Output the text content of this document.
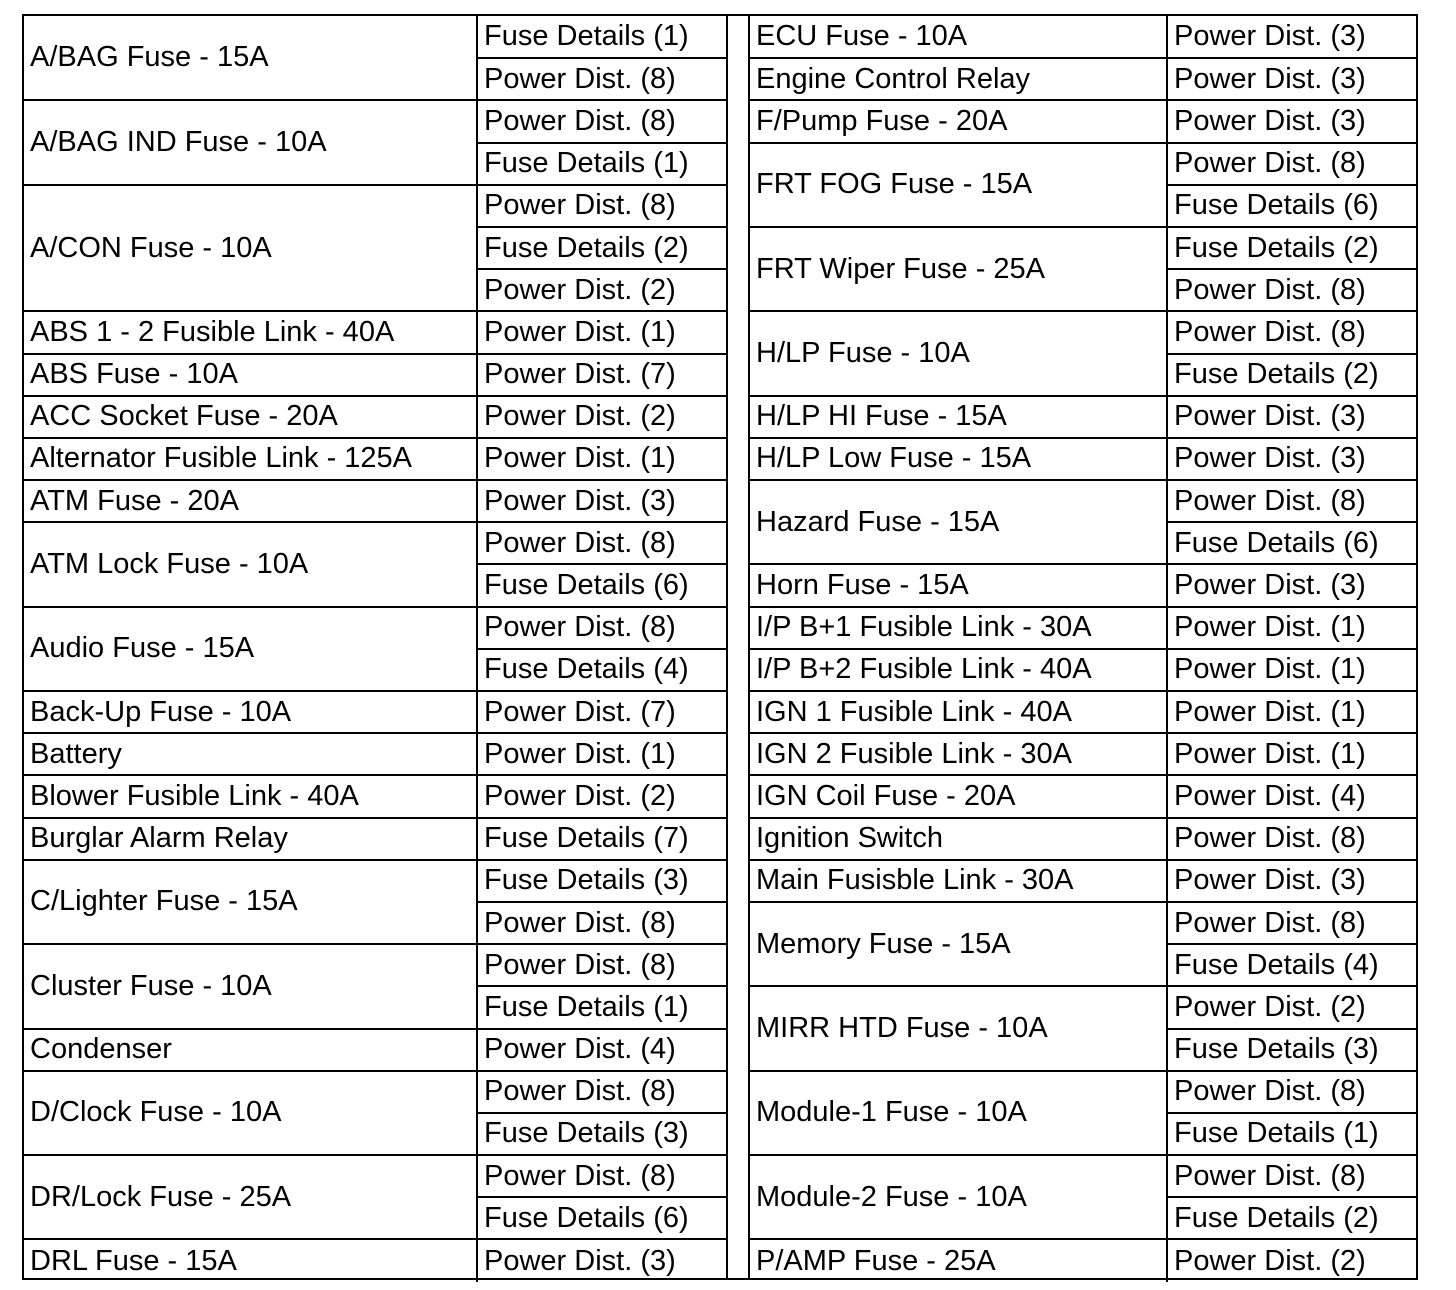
A/BAG Fuse - 15A	Fuse Details (1)
	Power Dist. (8)
A/BAG IND Fuse - 10A	Power Dist. (8)
	Fuse Details (1)
A/CON Fuse - 10A	Power Dist. (8)
	Fuse Details (2)
	Power Dist. (2)
ABS 1 - 2 Fusible Link - 40A	Power Dist. (1)
ABS Fuse - 10A	Power Dist. (7)
ACC Socket Fuse - 20A	Power Dist. (2)
Alternator Fusible Link - 125A	Power Dist. (1)
ATM Fuse - 20A	Power Dist. (3)
ATM Lock Fuse - 10A	Power Dist. (8)
	Fuse Details (6)
Audio Fuse - 15A	Power Dist. (8)
	Fuse Details (4)
Back-Up Fuse - 10A	Power Dist. (7)
Battery	Power Dist. (1)
Blower Fusible Link - 40A	Power Dist. (2)
Burglar Alarm Relay	Fuse Details (7)
C/Lighter Fuse - 15A	Fuse Details (3)
	Power Dist. (8)
Cluster Fuse - 10A	Power Dist. (8)
	Fuse Details (1)
Condenser	Power Dist. (4)
D/Clock Fuse - 10A	Power Dist. (8)
	Fuse Details (3)
DR/Lock Fuse - 25A	Power Dist. (8)
	Fuse Details (6)
DRL Fuse - 15A	Power Dist. (3)
ECU Fuse - 10A	Power Dist. (3)
Engine Control Relay	Power Dist. (3)
F/Pump Fuse - 20A	Power Dist. (3)
FRT FOG Fuse - 15A	Power Dist. (8)
	Fuse Details (6)
FRT Wiper Fuse - 25A	Fuse Details (2)
	Power Dist. (8)
H/LP Fuse - 10A	Power Dist. (8)
	Fuse Details (2)
H/LP HI Fuse - 15A	Power Dist. (3)
H/LP Low Fuse - 15A	Power Dist. (3)
Hazard Fuse - 15A	Power Dist. (8)
	Fuse Details (6)
Horn Fuse - 15A	Power Dist. (3)
I/P B+1 Fusible Link - 30A	Power Dist. (1)
I/P B+2 Fusible Link - 40A	Power Dist. (1)
IGN 1 Fusible Link - 40A	Power Dist. (1)
IGN 2 Fusible Link - 30A	Power Dist. (1)
IGN Coil Fuse - 20A	Power Dist. (4)
Ignition Switch	Power Dist. (8)
Main Fusisble Link - 30A	Power Dist. (3)
Memory Fuse - 15A	Power Dist. (8)
	Fuse Details (4)
MIRR HTD Fuse - 10A	Power Dist. (2)
	Fuse Details (3)
Module-1 Fuse - 10A	Power Dist. (8)
	Fuse Details (1)
Module-2 Fuse - 10A	Power Dist. (8)
	Fuse Details (2)
P/AMP Fuse - 25A	Power Dist. (2)
